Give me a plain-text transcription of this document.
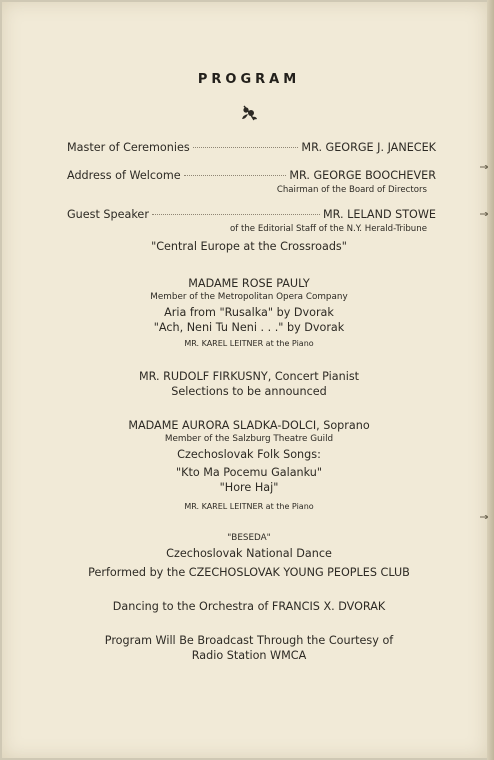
PROGRAM
Master of Ceremonies	MR. GEORGE J. JANECEK
Address of Welcome	MR. GEORGE BOOCHEVER
Chairman of the Board of Directors
Guest Speaker	MR. LELAND STOWE
of the Editorial Staff of the N.Y. Herald-Tribune
"Central Europe at the Crossroads"
MADAME ROSE PAULY
Member of the Metropolitan Opera Company
Aria from "Rusalka" by Dvorak
"Ach, Neni Tu Neni . . ." by Dvorak
MR. KAREL LEITNER at the Piano
MR. RUDOLF FIRKUSNY, Concert Pianist
Selections to be announced
MADAME AURORA SLADKA-DOLCI, Soprano
Member of the Salzburg Theatre Guild
Czechoslovak Folk Songs:
"Kto Ma Pocemu Galanku"
"Hore Haj"
MR. KAREL LEITNER at the Piano
"BESEDA"
Czechoslovak National Dance
Performed by the CZECHOSLOVAK YOUNG PEOPLES CLUB
Dancing to the Orchestra of FRANCIS X. DVORAK
Program Will Be Broadcast Through the Courtesy of
Radio Station WMCA
